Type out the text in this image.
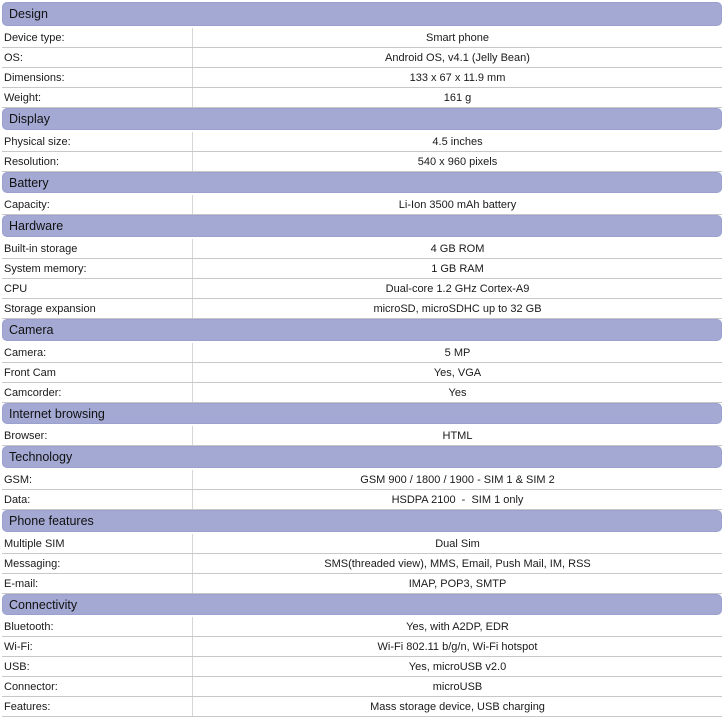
Design
Device type:	Smart phone
OS:	Android OS, v4.1 (Jelly Bean)
Dimensions:	133 x 67 x 11.9 mm
Weight:	161 g
Display
Physical size:	4.5 inches
Resolution:	540 x 960 pixels
Battery
Capacity:	Li-Ion 3500 mAh battery
Hardware
Built-in storage	4 GB ROM
System memory:	1 GB RAM
CPU	Dual-core 1.2 GHz Cortex-A9
Storage expansion	microSD, microSDHC up to 32 GB
Camera
Camera:	5 MP
Front Cam	Yes, VGA
Camcorder:	Yes
Internet browsing
Browser:	HTML
Technology
GSM:	GSM 900 / 1800 / 1900 - SIM 1 & SIM 2
Data:	HSDPA 2100  -  SIM 1 only
Phone features
Multiple SIM	Dual Sim
Messaging:	SMS(threaded view), MMS, Email, Push Mail, IM, RSS
E-mail:	IMAP, POP3, SMTP
Connectivity
Bluetooth:	Yes, with A2DP, EDR
Wi-Fi:	Wi-Fi 802.11 b/g/n, Wi-Fi hotspot
USB:	Yes, microUSB v2.0
Connector:	microUSB
Features:	Mass storage device, USB charging
